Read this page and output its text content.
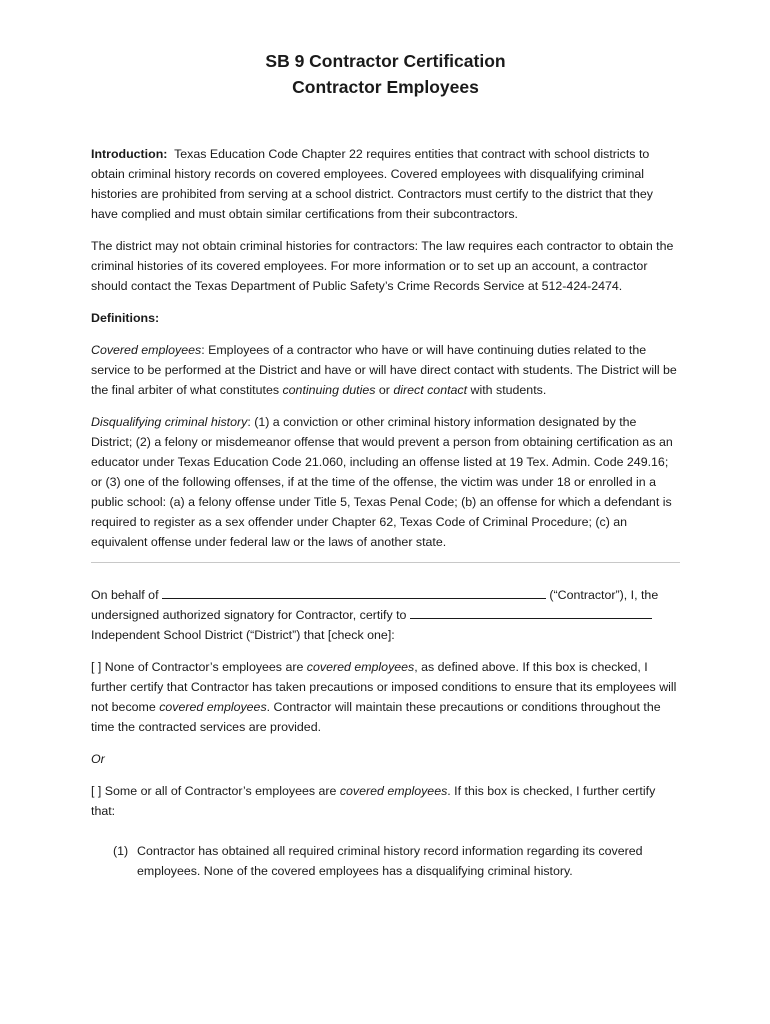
SB 9 Contractor Certification
Contractor Employees

Introduction: Texas Education Code Chapter 22 requires entities that contract with school districts to obtain criminal history records on covered employees. Covered employees with disqualifying criminal histories are prohibited from serving at a school district. Contractors must certify to the district that they have complied and must obtain similar certifications from their subcontractors.

The district may not obtain criminal histories for contractors: The law requires each contractor to obtain the criminal histories of its covered employees. For more information or to set up an account, a contractor should contact the Texas Department of Public Safety’s Crime Records Service at 512-424-2474.

Definitions:

Covered employees: Employees of a contractor who have or will have continuing duties related to the service to be performed at the District and have or will have direct contact with students. The District will be the final arbiter of what constitutes continuing duties or direct contact with students.

Disqualifying criminal history: (1) a conviction or other criminal history information designated by the District; (2) a felony or misdemeanor offense that would prevent a person from obtaining certification as an educator under Texas Education Code 21.060, including an offense listed at 19 Tex. Admin. Code 249.16; or (3) one of the following offenses, if at the time of the offense, the victim was under 18 or enrolled in a public school: (a) a felony offense under Title 5, Texas Penal Code; (b) an offense for which a defendant is required to register as a sex offender under Chapter 62, Texas Code of Criminal Procedure; (c) an equivalent offense under federal law or the laws of another state.

On behalf of	(“Contractor”), I, the
undersigned authorized signatory for Contractor, certify to
Independent School District (“District”) that [check one]:

[ ] None of Contractor’s employees are covered employees, as defined above. If this box is checked, I further certify that Contractor has taken precautions or imposed conditions to ensure that its employees will not become covered employees. Contractor will maintain these precautions or conditions throughout the time the contracted services are provided.

Or

[ ] Some or all of Contractor’s employees are covered employees. If this box is checked, I further certify that:

(1) Contractor has obtained all required criminal history record information regarding its covered employees. None of the covered employees has a disqualifying criminal history.
